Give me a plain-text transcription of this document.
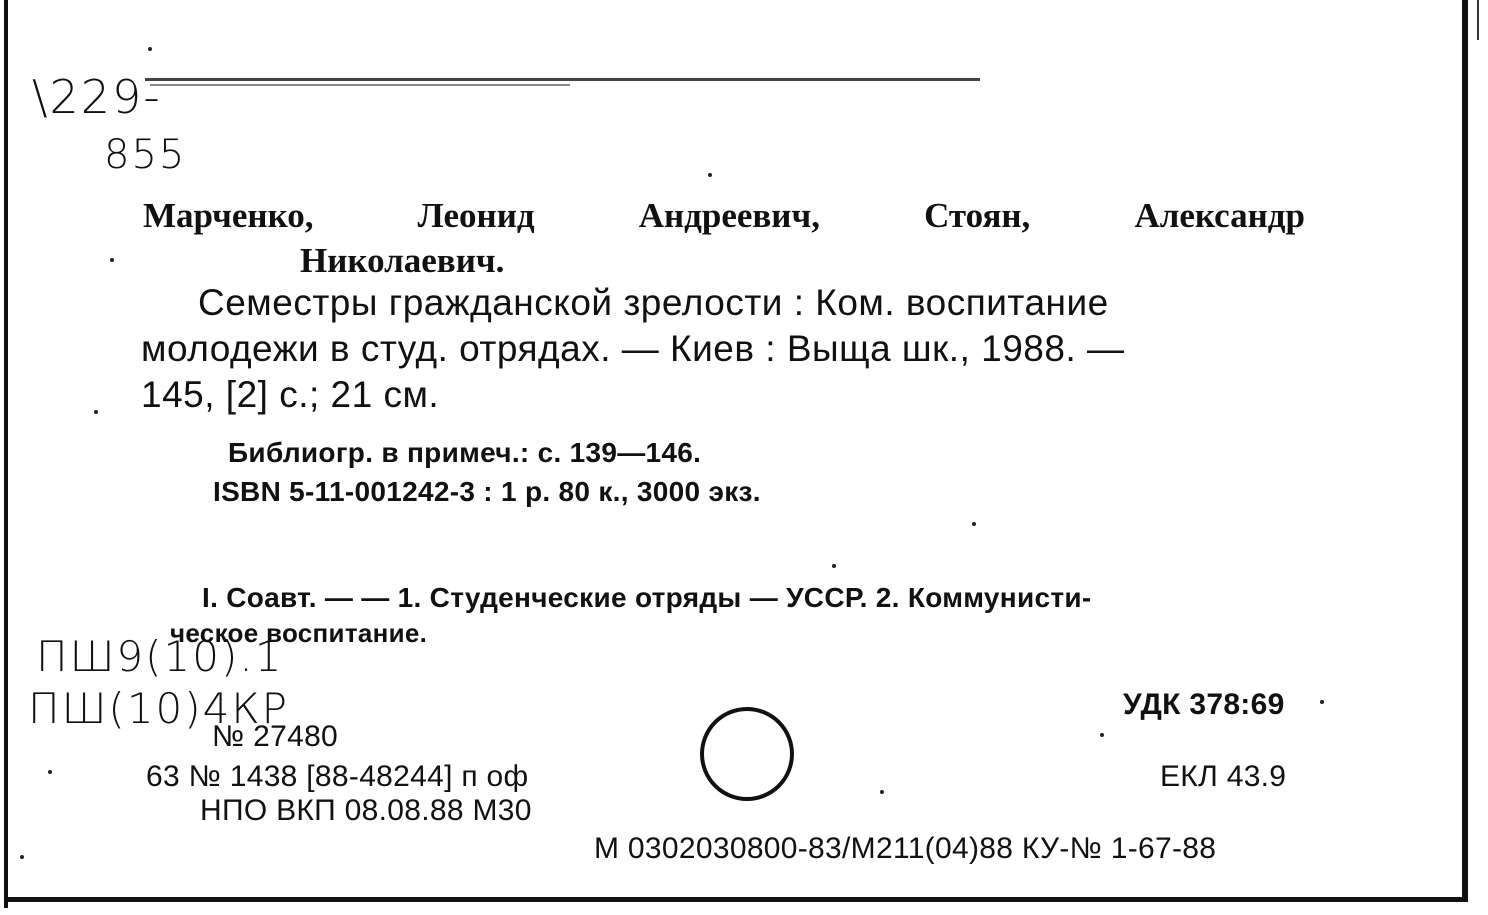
\229-
855
Марченко,	Леонид	Андреевич,	Стоян,	Александр
Николаевич.
Семестры гражданской зрелости : Ком. воспитание
молодежи в студ. отрядах. — Киев : Выща шк., 1988. —
145, [2] с.; 21 см.
Библиогр. в примеч.: с. 139—146.
ISBN 5-11-001242-3 : 1 р. 80 к., 3000 экз.
I. Соавт. — — 1. Студенческие отряды — УССР. 2. Коммунисти-
ческое воспитание.
ПШ9(10).1
ПШ(10)4КР
№ 27480
63 № 1438 [88-48244] п оф
НПО ВКП 08.08.88 М30
УДК 378:69
ЕКЛ 43.9
М 0302030800-83/М211(04)88 КУ-№ 1-67-88
